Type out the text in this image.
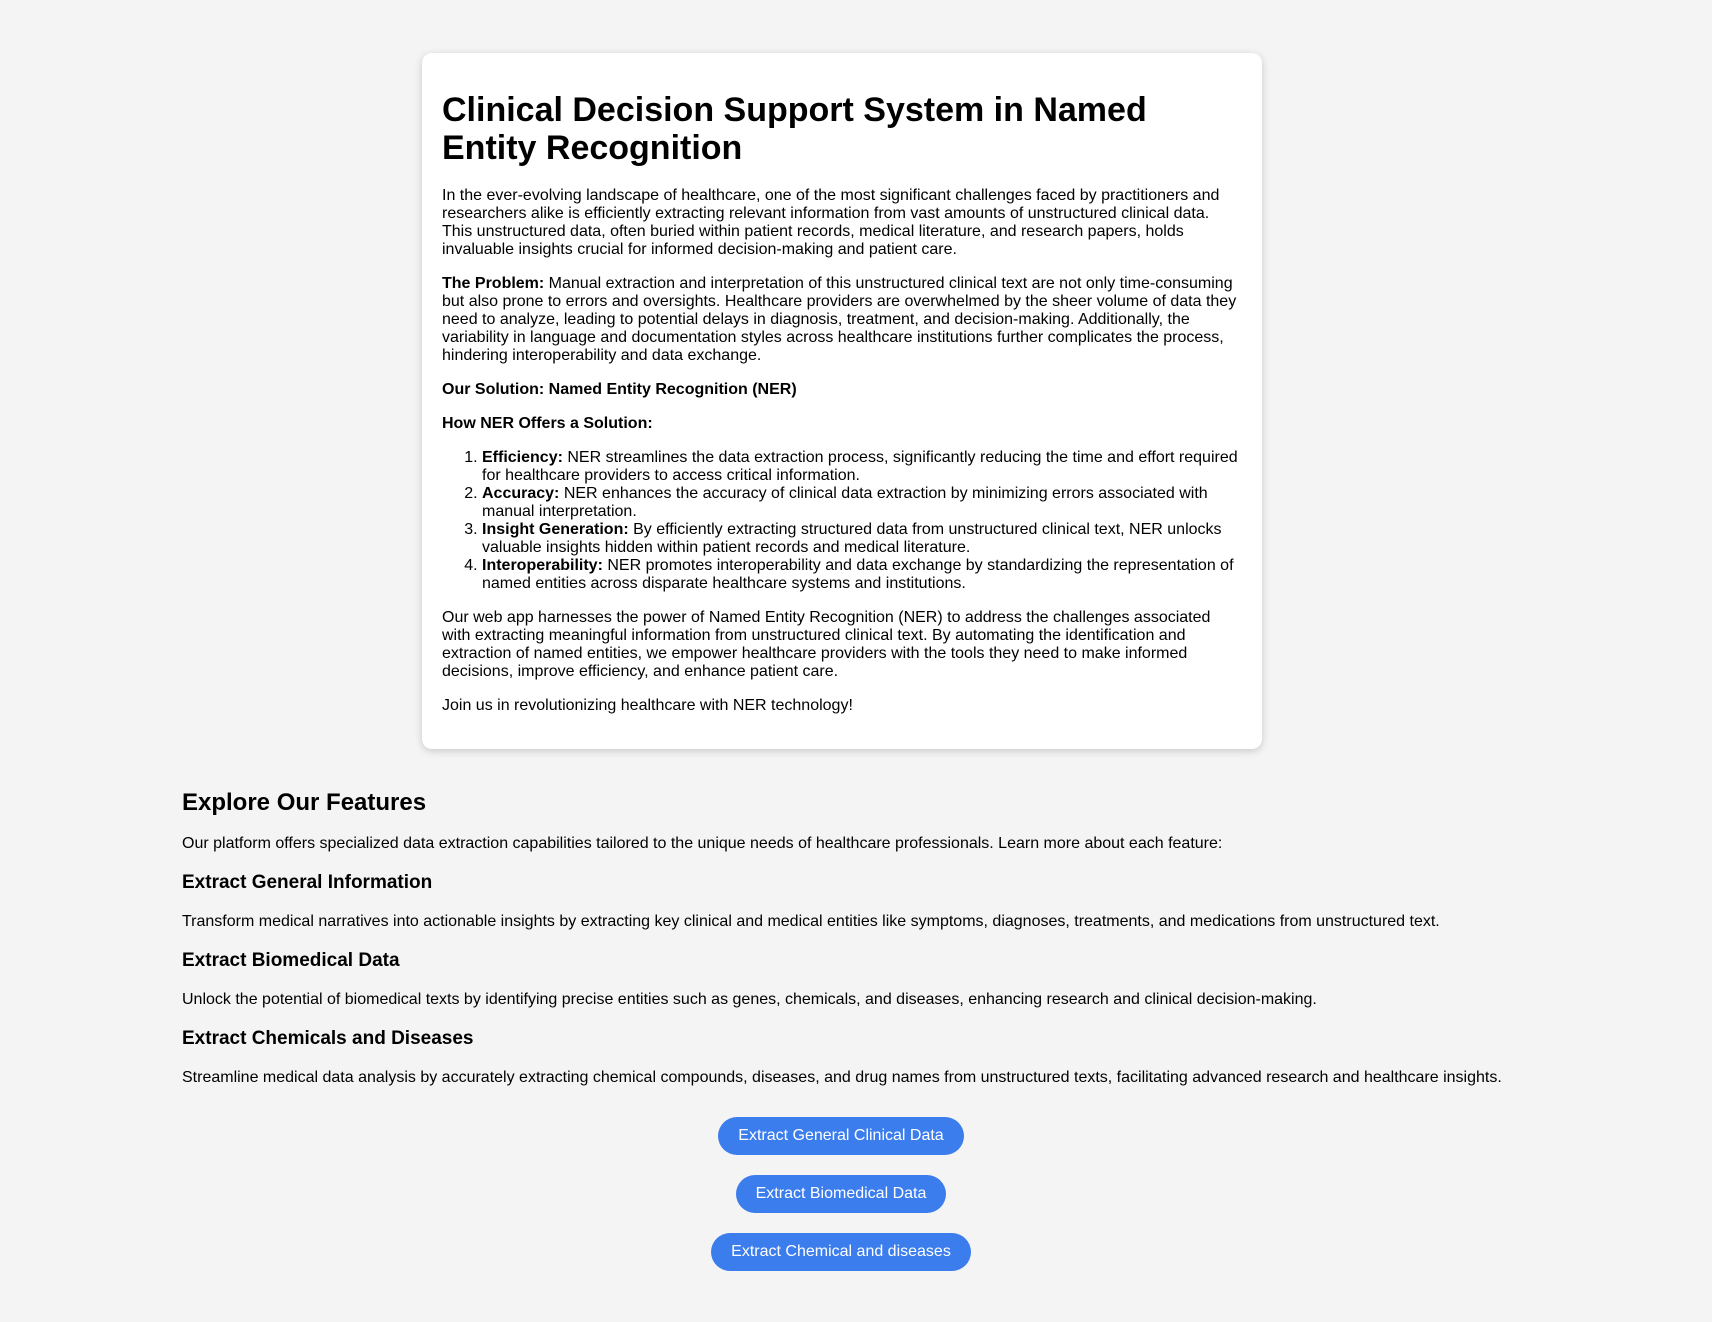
Clinical Decision Support System in Named Entity Recognition

In the ever-evolving landscape of healthcare, one of the most significant challenges faced by practitioners and researchers alike is efficiently extracting relevant information from vast amounts of unstructured clinical data. This unstructured data, often buried within patient records, medical literature, and research papers, holds invaluable insights crucial for informed decision-making and patient care.

The Problem: Manual extraction and interpretation of this unstructured clinical text are not only time-consuming but also prone to errors and oversights. Healthcare providers are overwhelmed by the sheer volume of data they need to analyze, leading to potential delays in diagnosis, treatment, and decision-making. Additionally, the variability in language and documentation styles across healthcare institutions further complicates the process, hindering interoperability and data exchange.

Our Solution: Named Entity Recognition (NER)

How NER Offers a Solution:

1. Efficiency: NER streamlines the data extraction process, significantly reducing the time and effort required for healthcare providers to access critical information.
2. Accuracy: NER enhances the accuracy of clinical data extraction by minimizing errors associated with manual interpretation.
3. Insight Generation: By efficiently extracting structured data from unstructured clinical text, NER unlocks valuable insights hidden within patient records and medical literature.
4. Interoperability: NER promotes interoperability and data exchange by standardizing the representation of named entities across disparate healthcare systems and institutions.

Our web app harnesses the power of Named Entity Recognition (NER) to address the challenges associated with extracting meaningful information from unstructured clinical text. By automating the identification and extraction of named entities, we empower healthcare providers with the tools they need to make informed decisions, improve efficiency, and enhance patient care.

Join us in revolutionizing healthcare with NER technology!

Explore Our Features

Our platform offers specialized data extraction capabilities tailored to the unique needs of healthcare professionals. Learn more about each feature:

Extract General Information

Transform medical narratives into actionable insights by extracting key clinical and medical entities like symptoms, diagnoses, treatments, and medications from unstructured text.

Extract Biomedical Data

Unlock the potential of biomedical texts by identifying precise entities such as genes, chemicals, and diseases, enhancing research and clinical decision-making.

Extract Chemicals and Diseases

Streamline medical data analysis by accurately extracting chemical compounds, diseases, and drug names from unstructured texts, facilitating advanced research and healthcare insights.

Extract General Clinical Data
Extract Biomedical Data
Extract Chemical and diseases
